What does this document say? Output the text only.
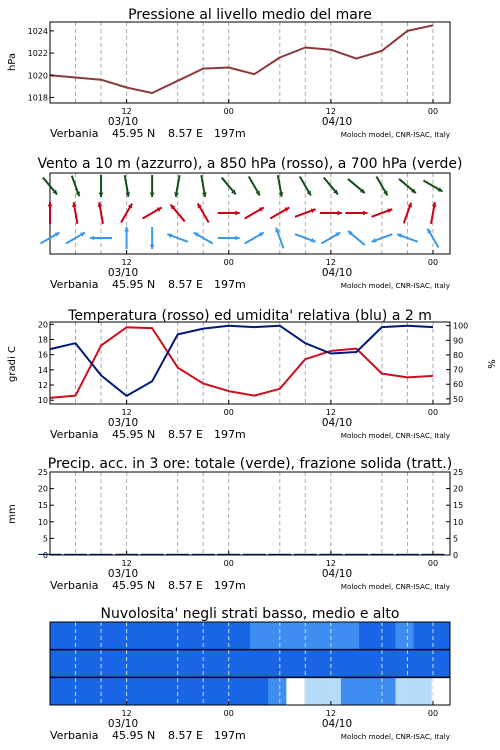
Pressione al livello medio del mare
1018
1020
1022
1024
hPa
12	00	12	00
03/10	04/10
Verbania 45.95 N 8.57 E 197m	Moloch model, CNR-ISAC, Italy
Vento a 10 m (azzurro), a 850 hPa (rosso), a 700 hPa (verde)
12	00	12	00
03/10	04/10
Verbania 45.95 N 8.57 E 197m	Moloch model, CNR-ISAC, Italy
Temperatura (rosso) ed umidita' relativa (blu) a 2 m
10
12
14
16
18
20
50
60
70
80
90
100
gradi C	%
12	00	12	00
03/10	04/10
Verbania 45.95 N 8.57 E 197m	Moloch model, CNR-ISAC, Italy
Precip. acc. in 3 ore: totale (verde), frazione solida (tratt.)
0
5
10
15
20
25
0
5
10
15
20
25
mm
12	00	12	00
03/10	04/10
Verbania 45.95 N 8.57 E 197m	Moloch model, CNR-ISAC, Italy
Nuvolosita' negli strati basso, medio e alto
12	00	12	00
03/10	04/10
Verbania 45.95 N 8.57 E 197m	Moloch model, CNR-ISAC, Italy
